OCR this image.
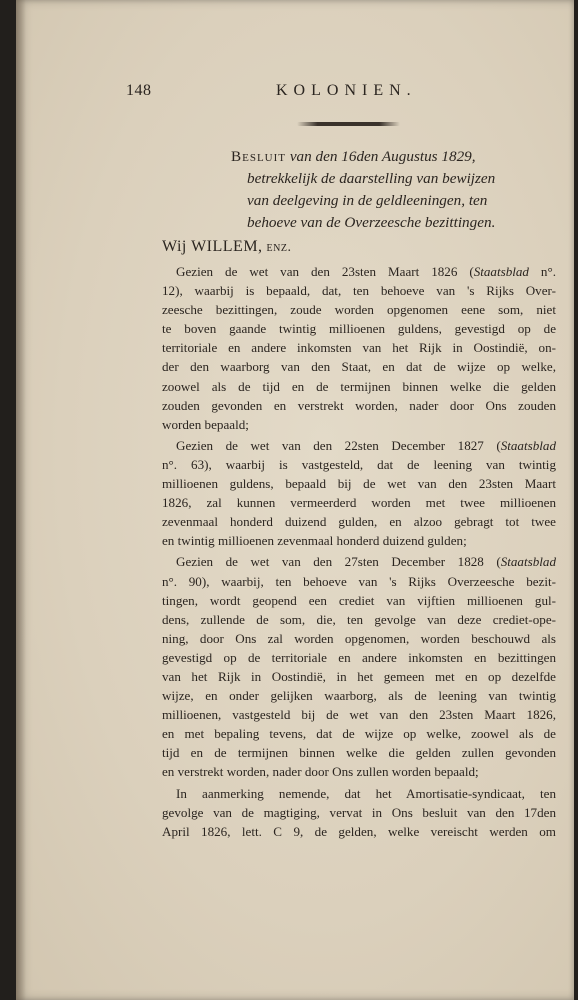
148	KOLONIEN.
Besluit van den 16den Augustus 1829,
betrekkelijk de daarstelling van bewijzen
van deelgeving in de geldleeningen, ten
behoeve van de Overzeesche bezittingen.
Wij WILLEM, enz.
Gezien de wet van den 23sten Maart 1826 (Staatsblad n°.
12), waarbij is bepaald, dat, ten behoeve van 's Rijks Over-
zeesche bezittingen, zoude worden opgenomen eene som, niet
te boven gaande twintig millioenen guldens, gevestigd op de
territoriale en andere inkomsten van het Rijk in Oostindië, on-
der den waarborg van den Staat, en dat de wijze op welke,
zoowel als de tijd en de termijnen binnen welke die gelden
zouden gevonden en verstrekt worden, nader door Ons zouden
worden bepaald;
Gezien de wet van den 22sten December 1827 (Staatsblad
n°. 63), waarbij is vastgesteld, dat de leening van twintig
millioenen guldens, bepaald bij de wet van den 23sten Maart
1826, zal kunnen vermeerderd worden met twee millioenen
zevenmaal honderd duizend gulden, en alzoo gebragt tot twee
en twintig millioenen zevenmaal honderd duizend gulden;
Gezien de wet van den 27sten December 1828 (Staatsblad
n°. 90), waarbij, ten behoeve van 's Rijks Overzeesche bezit-
tingen, wordt geopend een crediet van vijftien millioenen gul-
dens, zullende de som, die, ten gevolge van deze crediet-ope-
ning, door Ons zal worden opgenomen, worden beschouwd als
gevestigd op de territoriale en andere inkomsten en bezittingen
van het Rijk in Oostindië, in het gemeen met en op dezelfde
wijze, en onder gelijken waarborg, als de leening van twintig
millioenen, vastgesteld bij de wet van den 23sten Maart 1826,
en met bepaling tevens, dat de wijze op welke, zoowel als de
tijd en de termijnen binnen welke die gelden zullen gevonden
en verstrekt worden, nader door Ons zullen worden bepaald;
In aanmerking nemende, dat het Amortisatie-syndicaat, ten
gevolge van de magtiging, vervat in Ons besluit van den 17den
April 1826, lett. C 9, de gelden, welke vereischt werden om
